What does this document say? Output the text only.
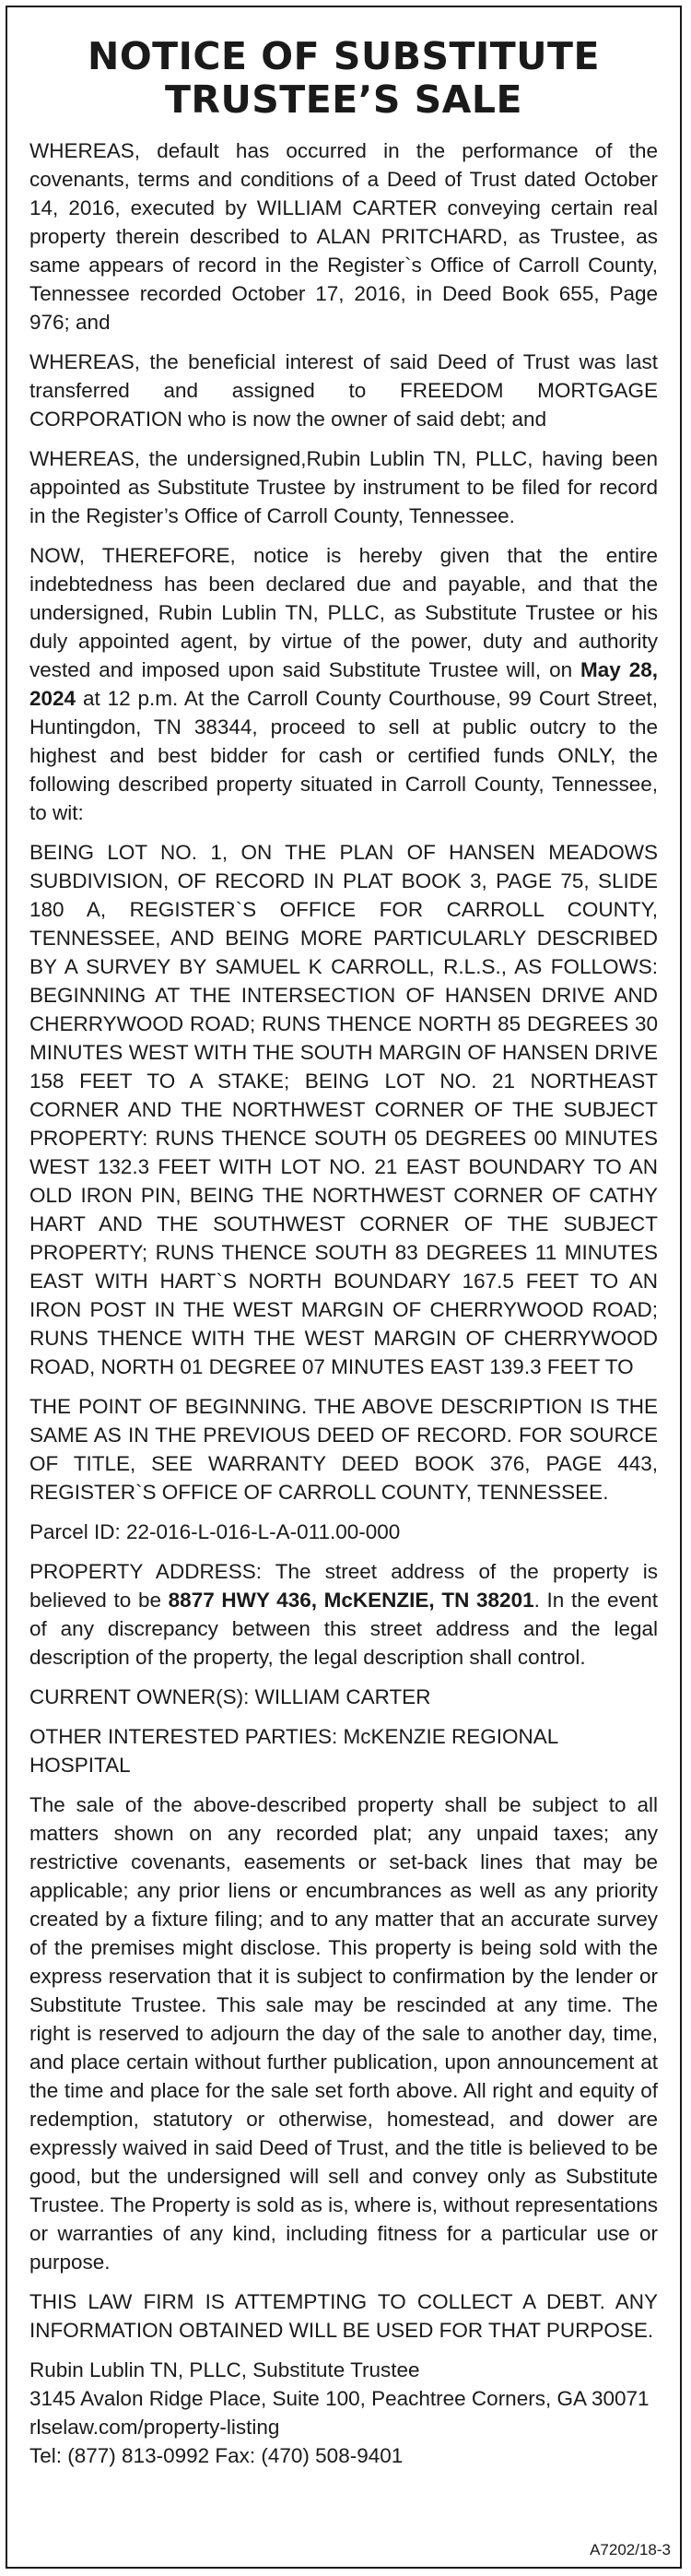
NOTICE OF SUBSTITUTE
TRUSTEE’S SALE

WHEREAS, default has occurred in the performance of the covenants, terms and conditions of a Deed of Trust dated October 14, 2016, executed by WILLIAM CARTER conveying certain real property therein described to ALAN PRITCHARD, as Trustee, as same appears of record in the Register`s Office of Carroll County, Tennessee recorded October 17, 2016, in Deed Book 655, Page 976; and

WHEREAS, the beneficial interest of said Deed of Trust was last transferred and assigned to FREEDOM MORTGAGE CORPORATION who is now the owner of said debt; and

WHEREAS, the undersigned,Rubin Lublin TN, PLLC, having been appointed as Substitute Trustee by instrument to be filed for record in the Register’s Office of Carroll County, Tennessee.

NOW, THEREFORE, notice is hereby given that the entire indebtedness has been declared due and payable, and that the undersigned, Rubin Lublin TN, PLLC, as Substitute Trustee or his duly appointed agent, by virtue of the power, duty and authority vested and imposed upon said Substitute Trustee will, on May 28, 2024 at 12 p.m. At the Carroll County Courthouse, 99 Court Street, Huntingdon, TN 38344, proceed to sell at public outcry to the highest and best bidder for cash or certified funds ONLY, the following described property situated in Carroll County, Tennessee, to wit:

BEING LOT NO. 1, ON THE PLAN OF HANSEN MEADOWS SUBDIVISION, OF RECORD IN PLAT BOOK 3, PAGE 75, SLIDE 180 A, REGISTER`S OFFICE FOR CARROLL COUNTY, TENNESSEE, AND BEING MORE PARTICULARLY DESCRIBED BY A SURVEY BY SAMUEL K CARROLL, R.L.S., AS FOLLOWS: BEGINNING AT THE INTERSECTION OF HANSEN DRIVE AND CHERRYWOOD ROAD; RUNS THENCE NORTH 85 DEGREES 30 MINUTES WEST WITH THE SOUTH MARGIN OF HANSEN DRIVE 158 FEET TO A STAKE; BEING LOT NO. 21 NORTHEAST CORNER AND THE NORTHWEST CORNER OF THE SUBJECT PROPERTY: RUNS THENCE SOUTH 05 DEGREES 00 MINUTES WEST 132.3 FEET WITH LOT NO. 21 EAST BOUNDARY TO AN OLD IRON PIN, BEING THE NORTHWEST CORNER OF CATHY HART AND THE SOUTHWEST CORNER OF THE SUBJECT PROPERTY; RUNS THENCE SOUTH 83 DEGREES 11 MINUTES EAST WITH HART`S NORTH BOUNDARY 167.5 FEET TO AN IRON POST IN THE WEST MARGIN OF CHERRYWOOD ROAD; RUNS THENCE WITH THE WEST MARGIN OF CHERRYWOOD ROAD, NORTH 01 DEGREE 07 MINUTES EAST 139.3 FEET TO

THE POINT OF BEGINNING. THE ABOVE DESCRIPTION IS THE SAME AS IN THE PREVIOUS DEED OF RECORD. FOR SOURCE OF TITLE, SEE WARRANTY DEED BOOK 376, PAGE 443, REGISTER`S OFFICE OF CARROLL COUNTY, TENNESSEE.

Parcel ID: 22-016-L-016-L-A-011.00-000

PROPERTY ADDRESS: The street address of the property is believed to be 8877 HWY 436, McKENZIE, TN 38201. In the event of any discrepancy between this street address and the legal description of the property, the legal description shall control.

CURRENT OWNER(S): WILLIAM CARTER

OTHER INTERESTED PARTIES: McKENZIE REGIONAL HOSPITAL

The sale of the above-described property shall be subject to all matters shown on any recorded plat; any unpaid taxes; any restrictive covenants, easements or set-back lines that may be applicable; any prior liens or encumbrances as well as any priority created by a fixture filing; and to any matter that an accurate survey of the premises might disclose. This property is being sold with the express reservation that it is subject to confirmation by the lender or Substitute Trustee. This sale may be rescinded at any time. The right is reserved to adjourn the day of the sale to another day, time, and place certain without further publication, upon announcement at the time and place for the sale set forth above. All right and equity of redemption, statutory or otherwise, homestead, and dower are expressly waived in said Deed of Trust, and the title is believed to be good, but the undersigned will sell and convey only as Substitute Trustee. The Property is sold as is, where is, without representations or warranties of any kind, including fitness for a particular use or purpose.

THIS LAW FIRM IS ATTEMPTING TO COLLECT A DEBT. ANY INFORMATION OBTAINED WILL BE USED FOR THAT PURPOSE.

Rubin Lublin TN, PLLC, Substitute Trustee
3145 Avalon Ridge Place, Suite 100, Peachtree Corners, GA 30071
rlselaw.com/property-listing
Tel: (877) 813-0992 Fax: (470) 508-9401
A7202/18-3
